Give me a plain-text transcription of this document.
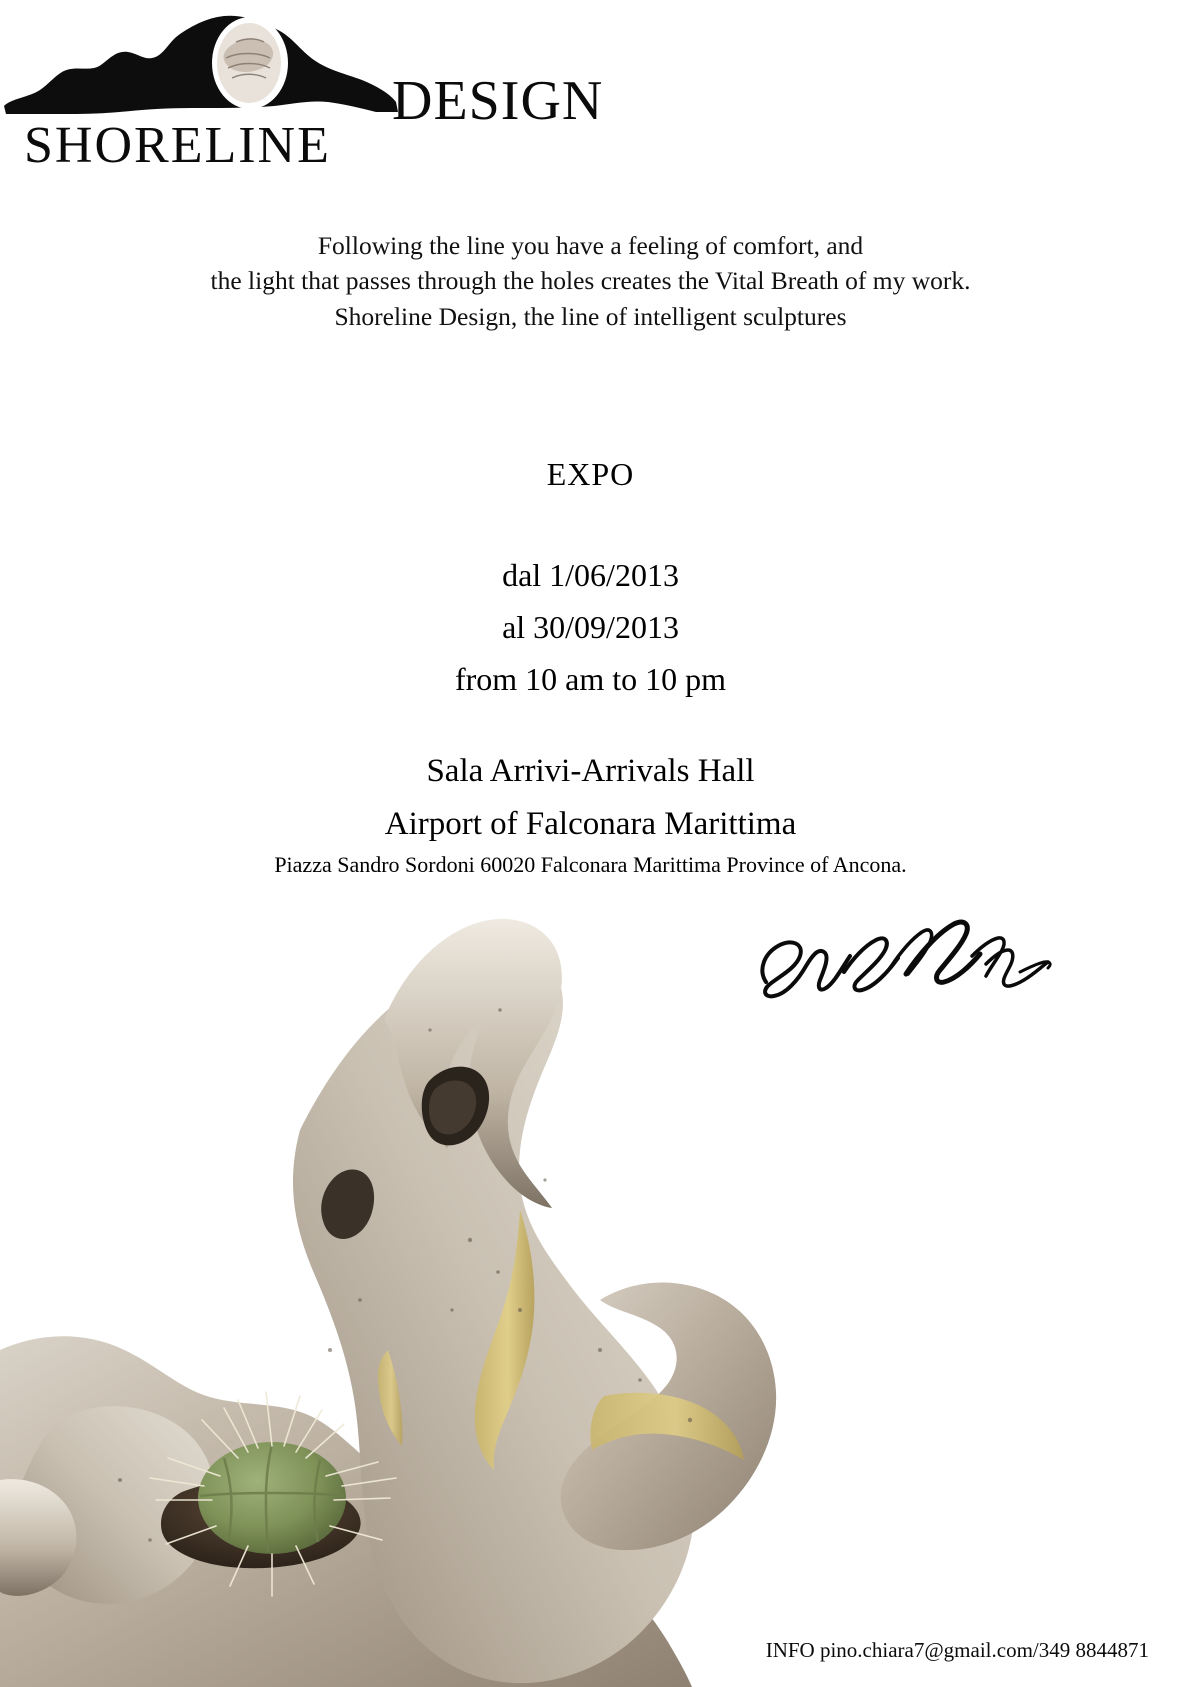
SHORELINE
DESIGN
Following the line you have a feeling of comfort, and
the light that passes through the holes creates the Vital Breath of my work.
Shoreline Design, the line of intelligent sculptures
EXPO
dal 1/06/2013
al 30/09/2013
from 10 am to 10 pm
Sala Arrivi-Arrivals Hall
Airport of Falconara Marittima
Piazza Sandro Sordoni 60020 Falconara Marittima Province of Ancona.
INFO pino.chiara7@gmail.com/349 8844871
